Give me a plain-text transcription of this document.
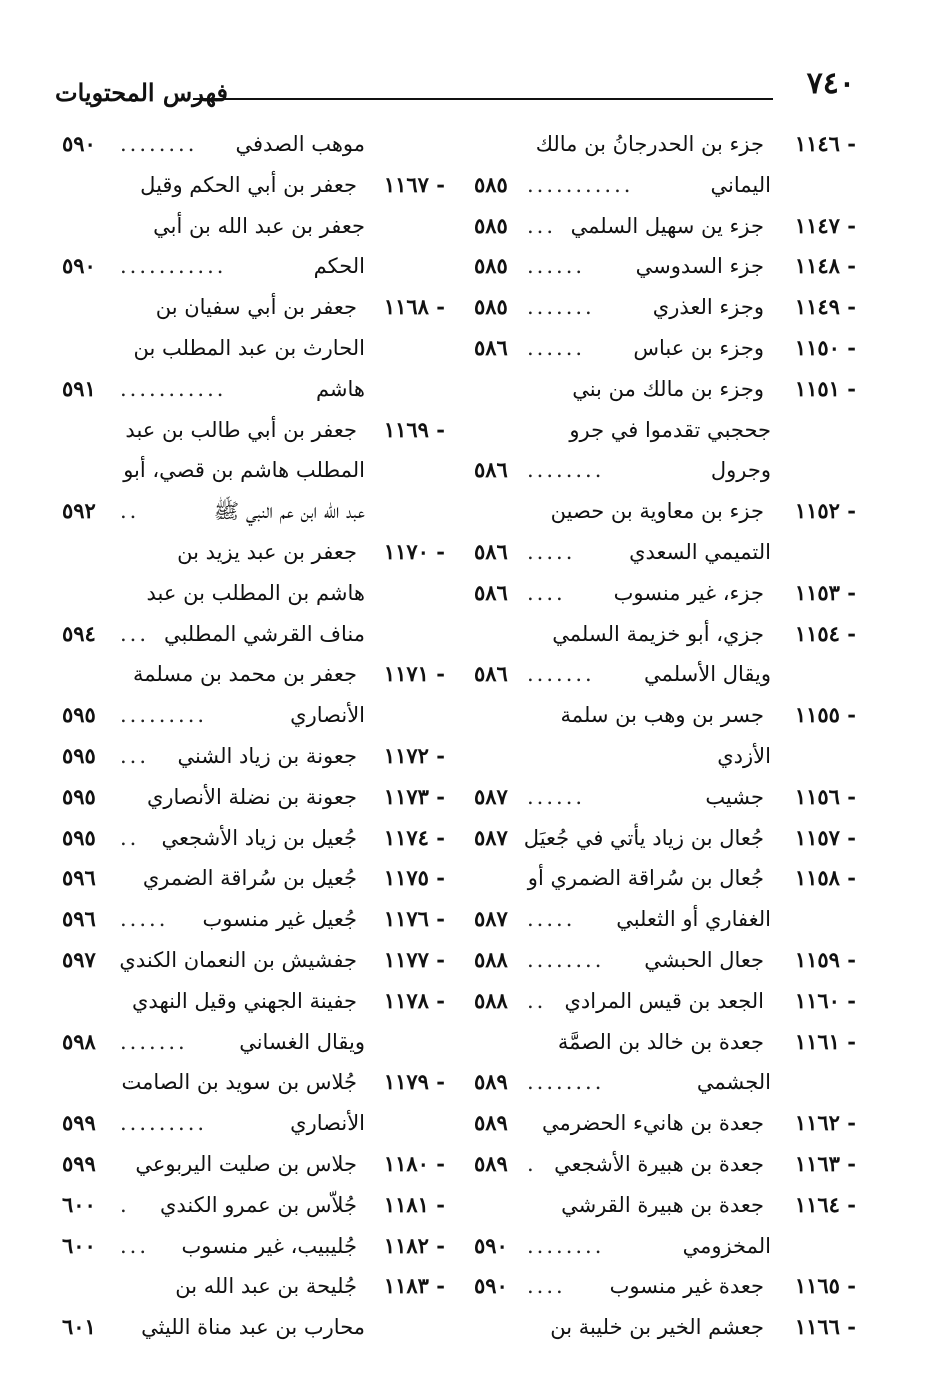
٧٤٠
فهرس المحتويات
١١٤٦ -
جزء بن الحدرجانُ بن مالك
اليماني
...........
٥٨٥
١١٤٧ -
جزء ين سهيل السلمي
...
٥٨٥
١١٤٨ -
جزء السدوسي
......
٥٨٥
١١٤٩ -
وجزء العذري
.......
٥٨٥
١١٥٠ -
وجزء بن عباس
......
٥٨٦
١١٥١ -
وجزء بن مالك من بني
جحجبي تقدموا في جرو
وجرول
........
٥٨٦
١١٥٢ -
جزء بن معاوية بن حصين
التميمي السعدي
.....
٥٨٦
١١٥٣ -
جزء، غير منسوب
....
٥٨٦
١١٥٤ -
جزي، أبو خزيمة السلمي
ويقال الأسلمي
.......
٥٨٦
١١٥٥ -
جسر بن وهب بن سلمة
الأزدي
١١٥٦ -
جشيب
......
٥٨٧
١١٥٧ -
جُعال بن زياد يأتي في جُعيَل
٥٨٧
١١٥٨ -
جُعال بن سُراقة الضمري أو
الغفاري أو الثعلبي
.....
٥٨٧
١١٥٩ -
جعال الحبشي
........
٥٨٨
١١٦٠ -
الجعد بن قيس المرادي
..
٥٨٨
١١٦١ -
جعدة بن خالد بن الصمَّة
الجشمي
........
٥٨٩
١١٦٢ -
جعدة بن هانيء الحضرمي
٥٨٩
١١٦٣ -
جعدة بن هبيرة الأشجعي
.
٥٨٩
١١٦٤ -
جعدة بن هبيرة القرشي
المخزومي
........
٥٩٠
١١٦٥ -
جعدة غير منسوب
....
٥٩٠
١١٦٦ -
جعشم الخير بن خليبة بن
موهب الصدفي
........
٥٩٠
١١٦٧ -
جعفر بن أبي الحكم وقيل
جعفر بن عبد الله بن أبي
الحكم
...........
٥٩٠
١١٦٨ -
جعفر بن أبي سفيان بن
الحارث بن عبد المطلب بن
هاشم
...........
٥٩١
١١٦٩ -
جعفر بن أبي طالب بن عبد
المطلب هاشم بن قصي، أبو
عبد الله ابن عم النبي ﷺ
..
٥٩٢
١١٧٠ -
جعفر بن عبد يزيد بن
هاشم بن المطلب بن عبد
مناف القرشي المطلبي
...
٥٩٤
١١٧١ -
جعفر بن محمد بن مسلمة
الأنصاري
.........
٥٩٥
١١٧٢ -
جعونة بن زياد الشني
...
٥٩٥
١١٧٣ -
جعونة بن نضلة الأنصاري
٥٩٥
١١٧٤ -
جُعيل بن زياد الأشجعي
..
٥٩٥
١١٧٥ -
جُعيل بن سُراقة الضمري
٥٩٦
١١٧٦ -
جُعيل غير منسوب
.....
٥٩٦
١١٧٧ -
جفشيش بن النعمان الكندي
٥٩٧
١١٧٨ -
جفينة الجهني وقيل النهدي
ويقال الغساني
.......
٥٩٨
١١٧٩ -
جُلاس بن سويد بن الصامت
الأنصاري
.........
٥٩٩
١١٨٠ -
جلاس بن صليت اليربوعي
٥٩٩
١١٨١ -
جُلاّس بن عمرو الكندي
.
٦٠٠
١١٨٢ -
جُليبيب، غير منسوب
...
٦٠٠
١١٨٣ -
جُليحة بن عبد الله بن
محارب بن عبد مناة الليثي
٦٠١
